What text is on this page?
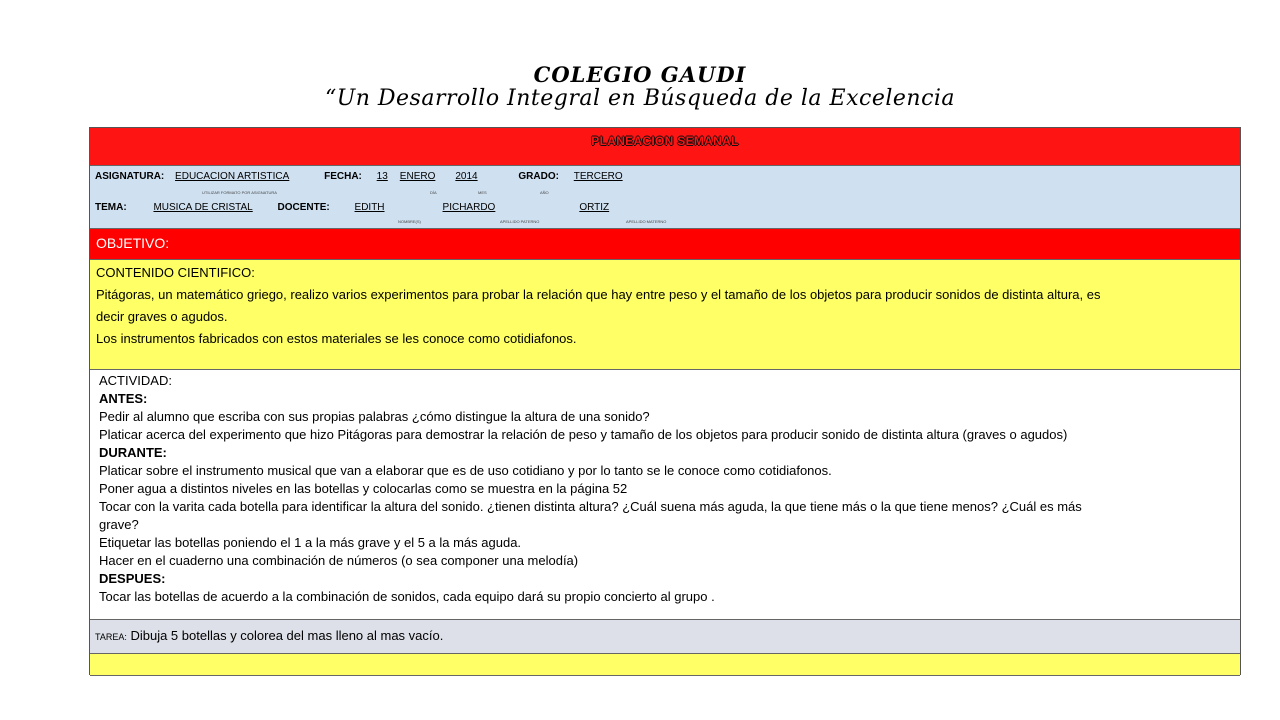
COLEGIO GAUDI
“Un Desarrollo Integral en Búsqueda de la Excelencia
PLANEACION SEMANAL
ASIGNATURA: EDUCACION ARTISTICA	FECHA: 13 ENERO 2014	GRADO: TERCERO
UTILIZAR FORMATO POR ASIGNATURA	DÍA	MES	AÑO
TEMA:	MUSICA DE CRISTAL DOCENTE: EDITH	PICHARDO	ORTIZ
NOMBRE(S)	APELLIDO PATERNO	APELLIDO MATERNO
OBJETIVO:
CONTENIDO CIENTIFICO:
Pitágoras, un matemático griego, realizo varios experimentos para probar la relación que hay entre peso y el tamaño de los objetos para producir sonidos de distinta altura, es
decir graves o agudos.
Los instrumentos fabricados con estos materiales se les conoce como cotidiafonos.
ACTIVIDAD:
ANTES:
Pedir al alumno que escriba con sus propias palabras ¿cómo distingue la altura de una sonido?
Platicar acerca del experimento que hizo Pitágoras para demostrar la relación de peso y tamaño de los objetos para producir sonido de distinta altura (graves o agudos)
DURANTE:
Platicar sobre el instrumento musical que van a elaborar que es de uso cotidiano y por lo tanto se le conoce como cotidiafonos.
Poner agua a distintos niveles en las botellas y colocarlas como se muestra en la página 52
Tocar con la varita cada botella para identificar la altura del sonido. ¿tienen distinta altura? ¿Cuál suena más aguda, la que tiene más o la que tiene menos? ¿Cuál es más
grave?
Etiquetar las botellas poniendo el 1 a la más grave y el 5 a la más aguda.
Hacer en el cuaderno una combinación de números (o sea componer una melodía)
DESPUES:
Tocar las botellas de acuerdo a la combinación de sonidos, cada equipo dará su propio concierto al grupo .
TAREA: Dibuja 5 botellas y colorea del mas lleno al mas vacío.
